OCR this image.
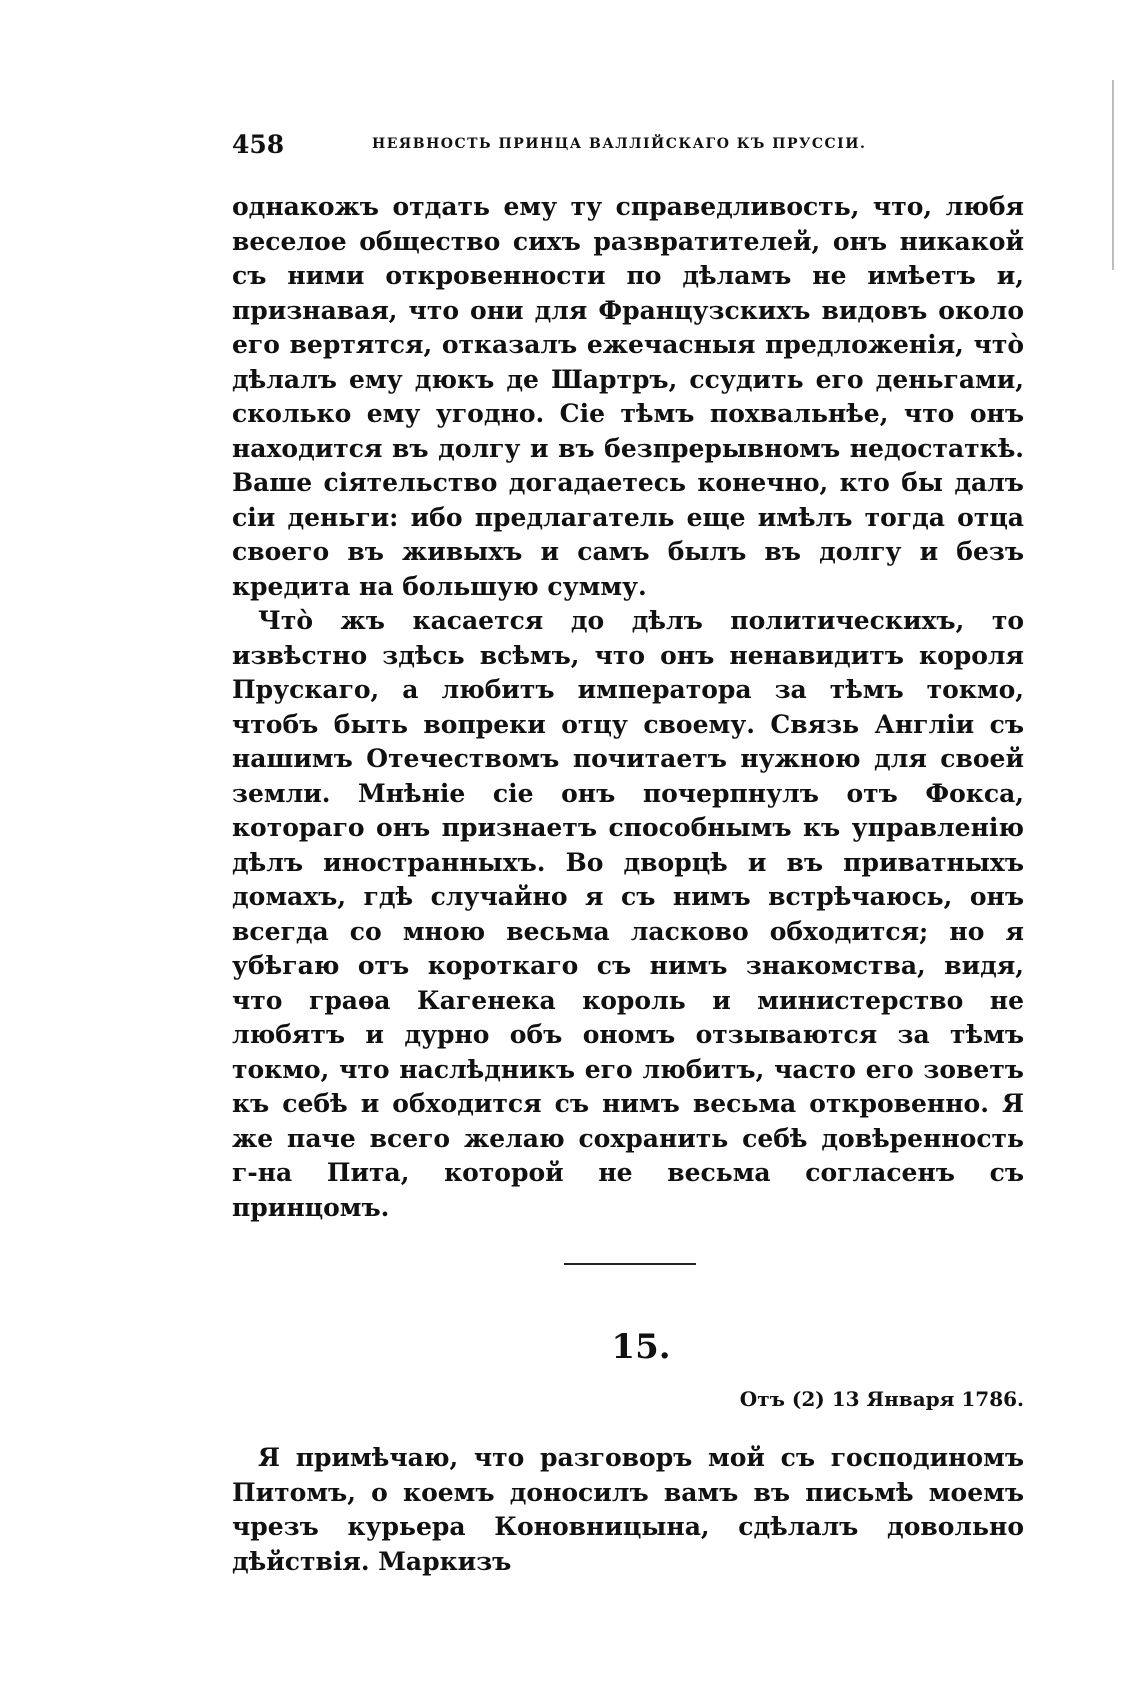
458	НЕЯВНОСТЬ ПРИНЦА ВАЛЛІЙСКАГО КЪ ПРУССІИ.

однакожъ отдать ему ту справедливость, что, любя веселое общество сихъ развратителей, онъ никакой съ ними откровенности по дѣламъ не имѣетъ и, признавая, что они для Французскихъ видовъ около его вертятся, отказалъ ежечасныя предложенія, что̀ дѣлалъ ему дюкъ де Шартръ, ссудить его деньгами, сколько ему угодно. Сіе тѣмъ похвальнѣе, что онъ находится въ долгу и въ безпрерывномъ недостаткѣ. Ваше сіятельство догадаетесь конечно, кто бы далъ сіи деньги: ибо предлагатель еще имѣлъ тогда отца своего въ живыхъ и самъ былъ въ долгу и безъ кредита на большую сумму.

Что̀ жъ касается до дѣлъ политическихъ, то извѣстно здѣсь всѣмъ, что онъ ненавидитъ короля Прускаго, а любитъ императора за тѣмъ токмо, чтобъ быть вопреки отцу своему. Связь Англіи съ нашимъ Отечествомъ почитаетъ нужною для своей земли. Мнѣніе сіе онъ почерпнулъ отъ Фокса, котораго онъ признаетъ способнымъ къ управленію дѣлъ иностранныхъ. Во дворцѣ и въ приватныхъ домахъ, гдѣ случайно я съ нимъ встрѣчаюсь, онъ всегда со мною весьма ласково обходится; но я убѣгаю отъ короткаго съ нимъ знакомства, видя, что граѳа Кагенека король и министерство не любятъ и дурно объ ономъ отзываются за тѣмъ токмо, что наслѣдникъ его любитъ, часто его зоветъ къ себѣ и обходится съ нимъ весьма откровенно. Я же паче всего желаю сохранить себѣ довѣренность г-на Пита, которой не весьма согласенъ съ принцомъ.

15.
Отъ (2) 13 Января 1786.

Я примѣчаю, что разговоръ мой съ господиномъ Питомъ, о коемъ доносилъ вамъ въ письмѣ моемъ чрезъ курьера Коновницына, сдѣлалъ довольно дѣйствія. Маркизъ
